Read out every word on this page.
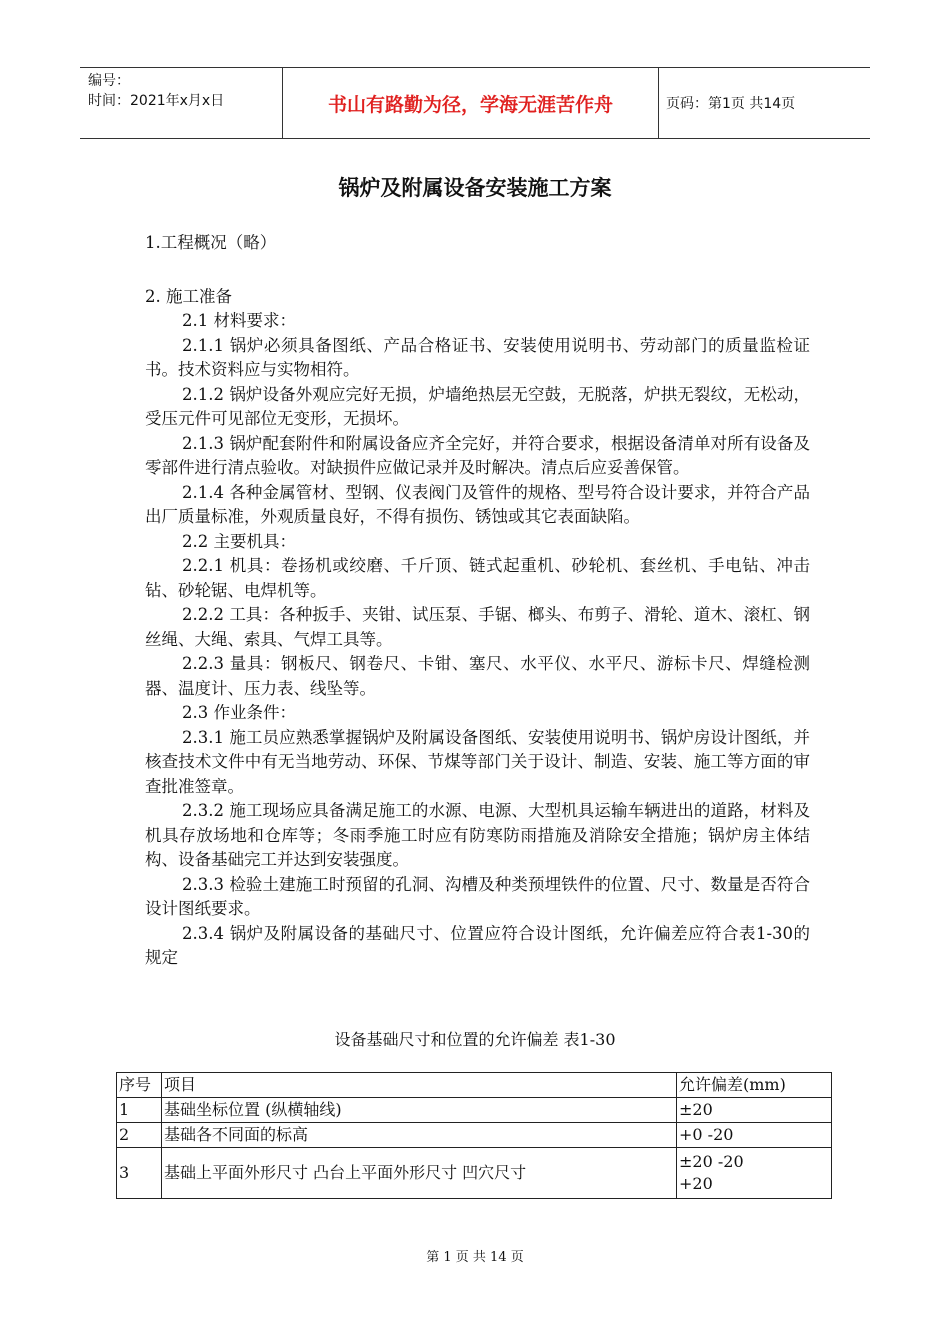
编号：
时间：2021年x月x日	书山有路勤为径，学海无涯苦作舟	页码：第1页 共14页
锅炉及附属设备安装施工方案

1.工程概况（略）

2. 施工准备

2.1 材料要求：

2.1.1 锅炉必须具备图纸、产品合格证书、安装使用说明书、劳动部门的质量监检证书。技术资料应与实物相符。

2.1.2 锅炉设备外观应完好无损，炉墙绝热层无空鼓，无脱落，炉拱无裂纹，无松动，受压元件可见部位无变形，无损坏。

2.1.3 锅炉配套附件和附属设备应齐全完好，并符合要求，根据设备清单对所有设备及零部件进行清点验收。对缺损件应做记录并及时解决。清点后应妥善保管。

2.1.4 各种金属管材、型钢、仪表阀门及管件的规格、型号符合设计要求，并符合产品出厂质量标准，外观质量良好，不得有损伤、锈蚀或其它表面缺陷。

2.2 主要机具：

2.2.1 机具：卷扬机或绞磨、千斤顶、链式起重机、砂轮机、套丝机、手电钻、冲击钻、砂轮锯、电焊机等。

2.2.2 工具：各种扳手、夹钳、试压泵、手锯、榔头、布剪子、滑轮、道木、滚杠、钢丝绳、大绳、索具、气焊工具等。

2.2.3 量具：钢板尺、钢卷尺、卡钳、塞尺、水平仪、水平尺、游标卡尺、焊缝检测器、温度计、压力表、线坠等。

2.3 作业条件：

2.3.1 施工员应熟悉掌握锅炉及附属设备图纸、安装使用说明书、锅炉房设计图纸，并核查技术文件中有无当地劳动、环保、节煤等部门关于设计、制造、安装、施工等方面的审查批准签章。

2.3.2 施工现场应具备满足施工的水源、电源、大型机具运输车辆进出的道路，材料及机具存放场地和仓库等；冬雨季施工时应有防寒防雨措施及消除安全措施；锅炉房主体结构、设备基础完工并达到安装强度。

2.3.3 检验土建施工时预留的孔洞、沟槽及种类预埋铁件的位置、尺寸、数量是否符合设计图纸要求。

2.3.4 锅炉及附属设备的基础尺寸、位置应符合设计图纸，允许偏差应符合表1-30的规定

设备基础尺寸和位置的允许偏差 表1-30
序号	项目	允许偏差(mm)
1	基础坐标位置 (纵横轴线)	±20
2	基础各不同面的标高	+0 -20
3	基础上平面外形尺寸 凸台上平面外形尺寸 凹穴尺寸	±20 -20
+20
第 1 页 共 14 页
